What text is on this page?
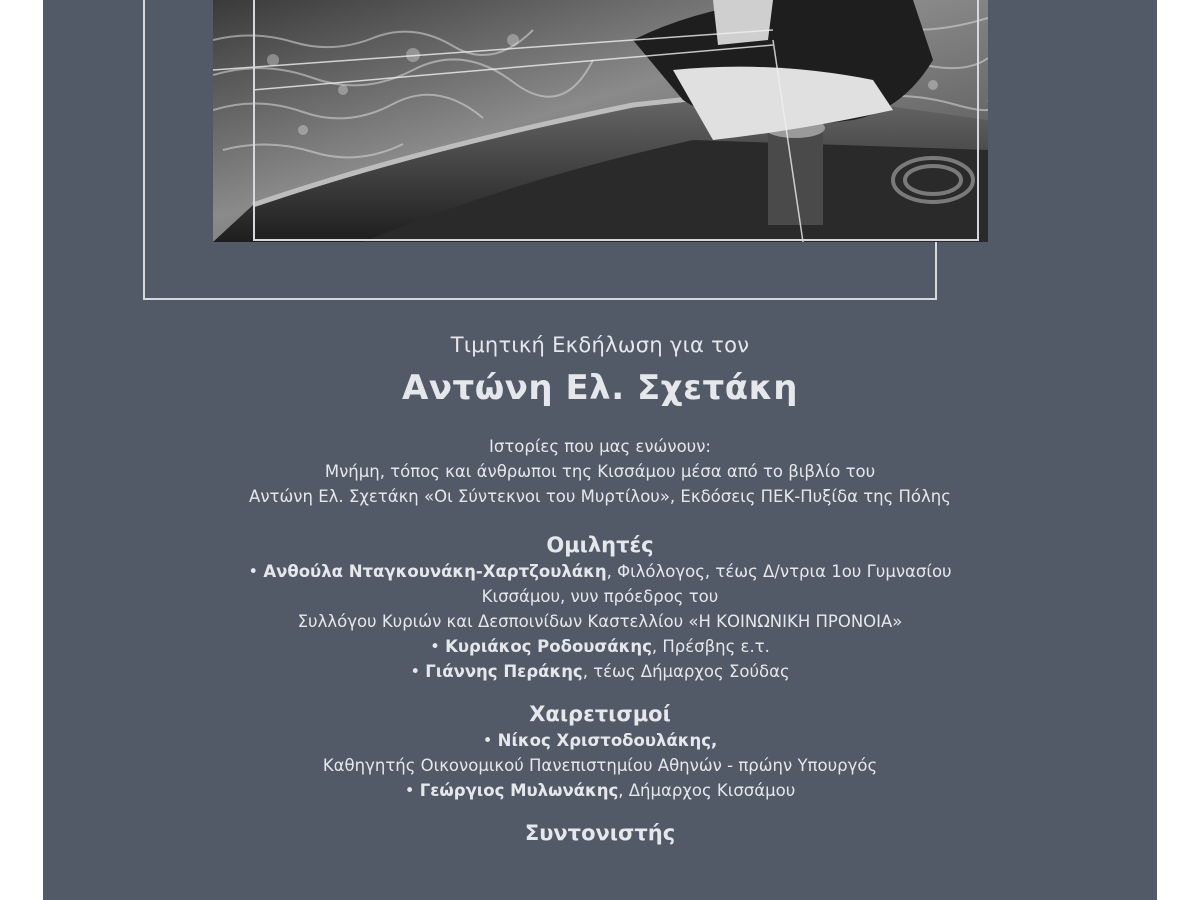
Τιμητική Εκδήλωση για τον
Αντώνη Ελ. Σχετάκη
Ιστορίες που μας ενώνουν:
Μνήμη, τόπος και άνθρωποι της Κισσάμου μέσα από το βιβλίο του
Αντώνη Ελ. Σχετάκη «Οι Σύντεκνοι του Μυρτίλου», Εκδόσεις ΠΕΚ-Πυξίδα της Πόλης
Ομιλητές
• Ανθούλα Νταγκουνάκη-Χαρτζουλάκη, Φιλόλογος, τέως Δ/ντρια 1ου Γυμνασίου
Κισσάμου, νυν πρόεδρος του
Συλλόγου Κυριών και Δεσποινίδων Καστελλίου «Η ΚΟΙΝΩΝΙΚΗ ΠΡΟΝΟΙΑ»
• Κυριάκος Ροδουσάκης, Πρέσβης ε.τ.
• Γιάννης Περάκης, τέως Δήμαρχος Σούδας
Χαιρετισμοί
• Νίκος Χριστοδουλάκης,
Καθηγητής Οικονομικού Πανεπιστημίου Αθηνών - πρώην Υπουργός
• Γεώργιος Μυλωνάκης, Δήμαρχος Κισσάμου
Συντονιστής
